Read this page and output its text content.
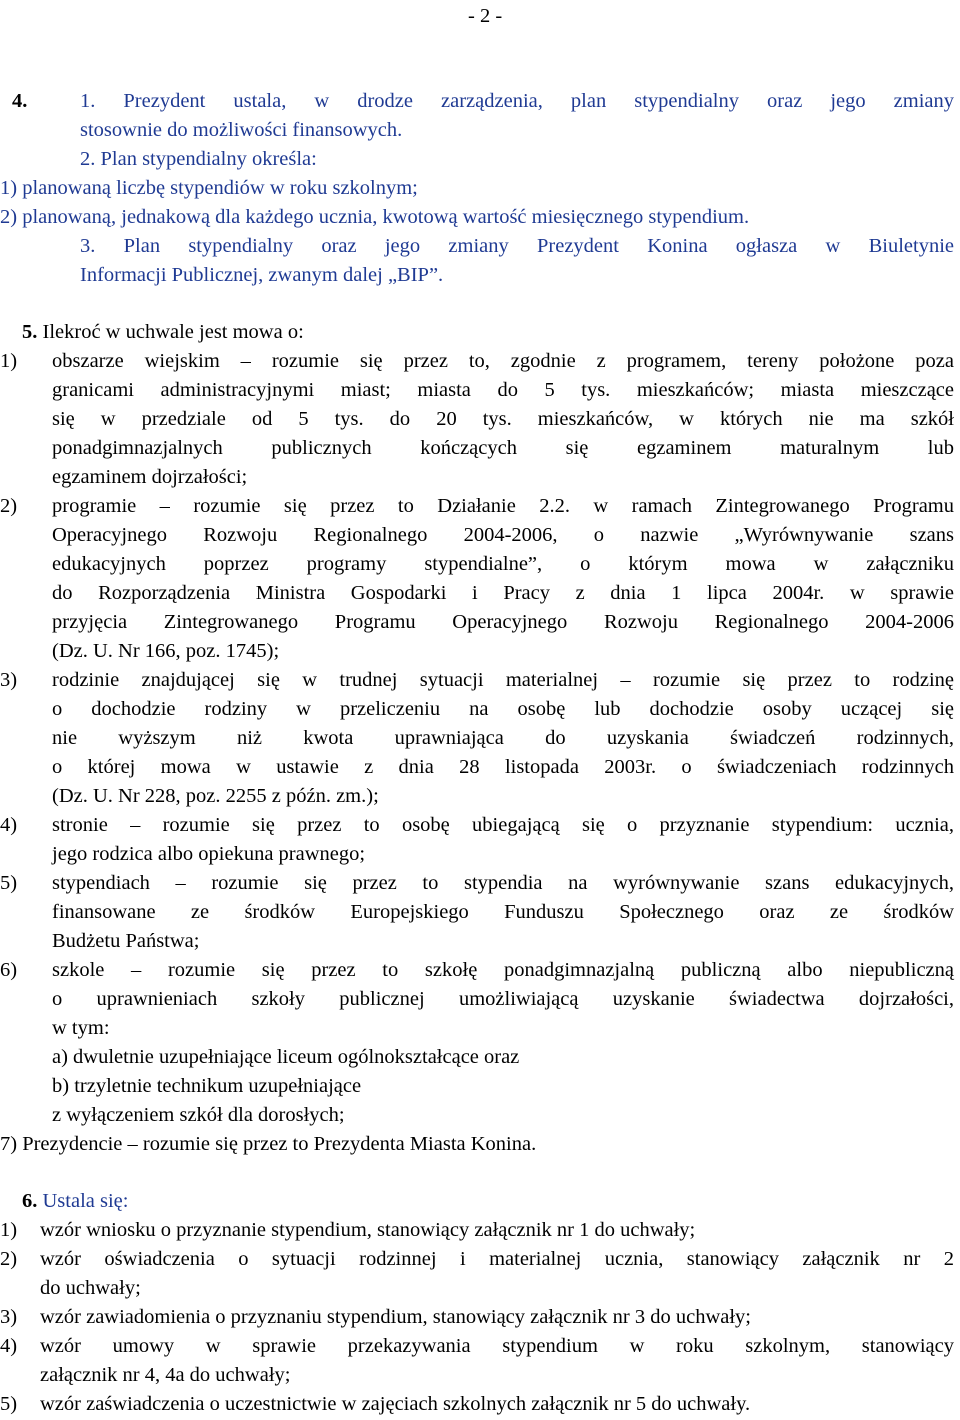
- 2 -
4.	1. Prezydent ustala, w drodze zarządzenia, plan stypendialny oraz jego zmiany
stosownie do możliwości finansowych.
2. Plan stypendialny określa:
1) planowaną liczbę stypendiów w roku szkolnym;
2) planowaną, jednakową dla każdego ucznia, kwotową wartość miesięcznego stypendium.
3. Plan stypendialny oraz jego zmiany Prezydent Konina ogłasza w Biuletynie
Informacji Publicznej, zwanym dalej „BIP”.
5. Ilekroć w uchwale jest mowa o:
1) obszarze wiejskim – rozumie się przez to, zgodnie z programem, tereny położone poza
granicami administracyjnymi miast; miasta do 5 tys. mieszkańców; miasta mieszczące
się w przedziale od 5 tys. do 20 tys. mieszkańców, w których nie ma szkół
ponadgimnazjalnych publicznych kończących się egzaminem maturalnym lub
egzaminem dojrzałości;
2) programie – rozumie się przez to Działanie 2.2. w ramach Zintegrowanego Programu
Operacyjnego Rozwoju Regionalnego 2004-2006, o nazwie „Wyrównywanie szans
edukacyjnych poprzez programy stypendialne”, o którym mowa w załączniku
do Rozporządzenia Ministra Gospodarki i Pracy z dnia 1 lipca 2004r. w sprawie
przyjęcia Zintegrowanego Programu Operacyjnego Rozwoju Regionalnego 2004-2006
(Dz. U. Nr 166, poz. 1745);
3) rodzinie znajdującej się w trudnej sytuacji materialnej – rozumie się przez to rodzinę
o dochodzie rodziny w przeliczeniu na osobę lub dochodzie osoby uczącej się
nie wyższym niż kwota uprawniająca do uzyskania świadczeń rodzinnych,
o której mowa w ustawie z dnia 28 listopada 2003r. o świadczeniach rodzinnych
(Dz. U. Nr 228, poz. 2255 z późn. zm.);
4) stronie – rozumie się przez to osobę ubiegającą się o przyznanie stypendium: ucznia,
jego rodzica albo opiekuna prawnego;
5) stypendiach – rozumie się przez to stypendia na wyrównywanie szans edukacyjnych,
finansowane ze środków Europejskiego Funduszu Społecznego oraz ze środków
Budżetu Państwa;
6) szkole – rozumie się przez to szkołę ponadgimnazjalną publiczną albo niepubliczną
o uprawnieniach szkoły publicznej umożliwiającą uzyskanie świadectwa dojrzałości,
w tym:
a) dwuletnie uzupełniające liceum ogólnokształcące oraz
b) trzyletnie technikum uzupełniające
z wyłączeniem szkół dla dorosłych;
7) Prezydencie – rozumie się przez to Prezydenta Miasta Konina.
6. Ustala się:
1) wzór wniosku o przyznanie stypendium, stanowiący załącznik nr 1 do uchwały;
2) wzór oświadczenia o sytuacji rodzinnej i materialnej ucznia, stanowiący załącznik nr 2
do uchwały;
3) wzór zawiadomienia o przyznaniu stypendium, stanowiący załącznik nr 3 do uchwały;
4) wzór umowy w sprawie przekazywania stypendium w roku szkolnym, stanowiący
załącznik nr 4, 4a do uchwały;
5) wzór zaświadczenia o uczestnictwie w zajęciach szkolnych załącznik nr 5 do uchwały.
